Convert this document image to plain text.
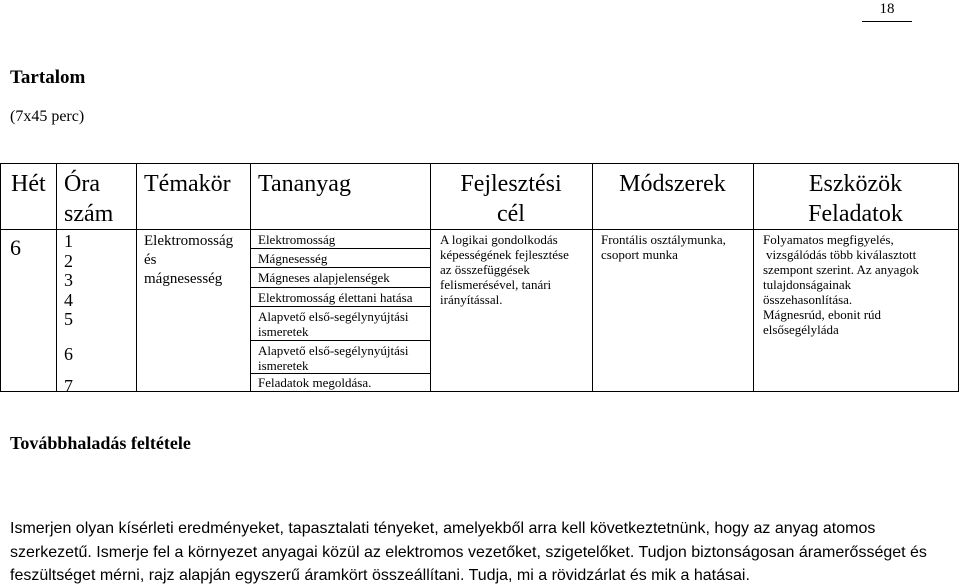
18
Tartalom
(7x45 perc)
Hét Óra
szám
Témakör Tananyag	Fejlesztési
cél
Módszerek	Eszközök
Feladatok
6 1
2
3
4
5
6
7
Elektromosság
és
mágnesesség
Elektromosság
Mágnesesség
Mágneses alapjelenségek
Elektromosság élettani hatása
Alapvető első-segélynyújtási
ismeretek
Alapvető első-segélynyújtási
ismeretek
Feladatok megoldása.
A logikai gondolkodás
képességének fejlesztése
az összefüggések
felismerésével, tanári
irányítással.
Frontális osztálymunka,
csoport munka
Folyamatos megfigyelés,
vizsgálódás több kiválasztott
szempont szerint. Az anyagok
tulajdonságainak
összehasonlítása.
Mágnesrúd, ebonit rúd
elsősegélyláda
Továbbhaladás feltétele

Ismerjen olyan kísérleti eredményeket, tapasztalati tényeket, amelyekből arra kell következtetnünk, hogy az anyag atomos szerkezetű. Ismerje fel a környezet anyagai közül az elektromos vezetőket, szigetelőket. Tudjon biztonságosan áramerősséget és feszültséget mérni, rajz alapján egyszerű áramkört összeállítani. Tudja, mi a rövidzárlat és mik a hatásai.
